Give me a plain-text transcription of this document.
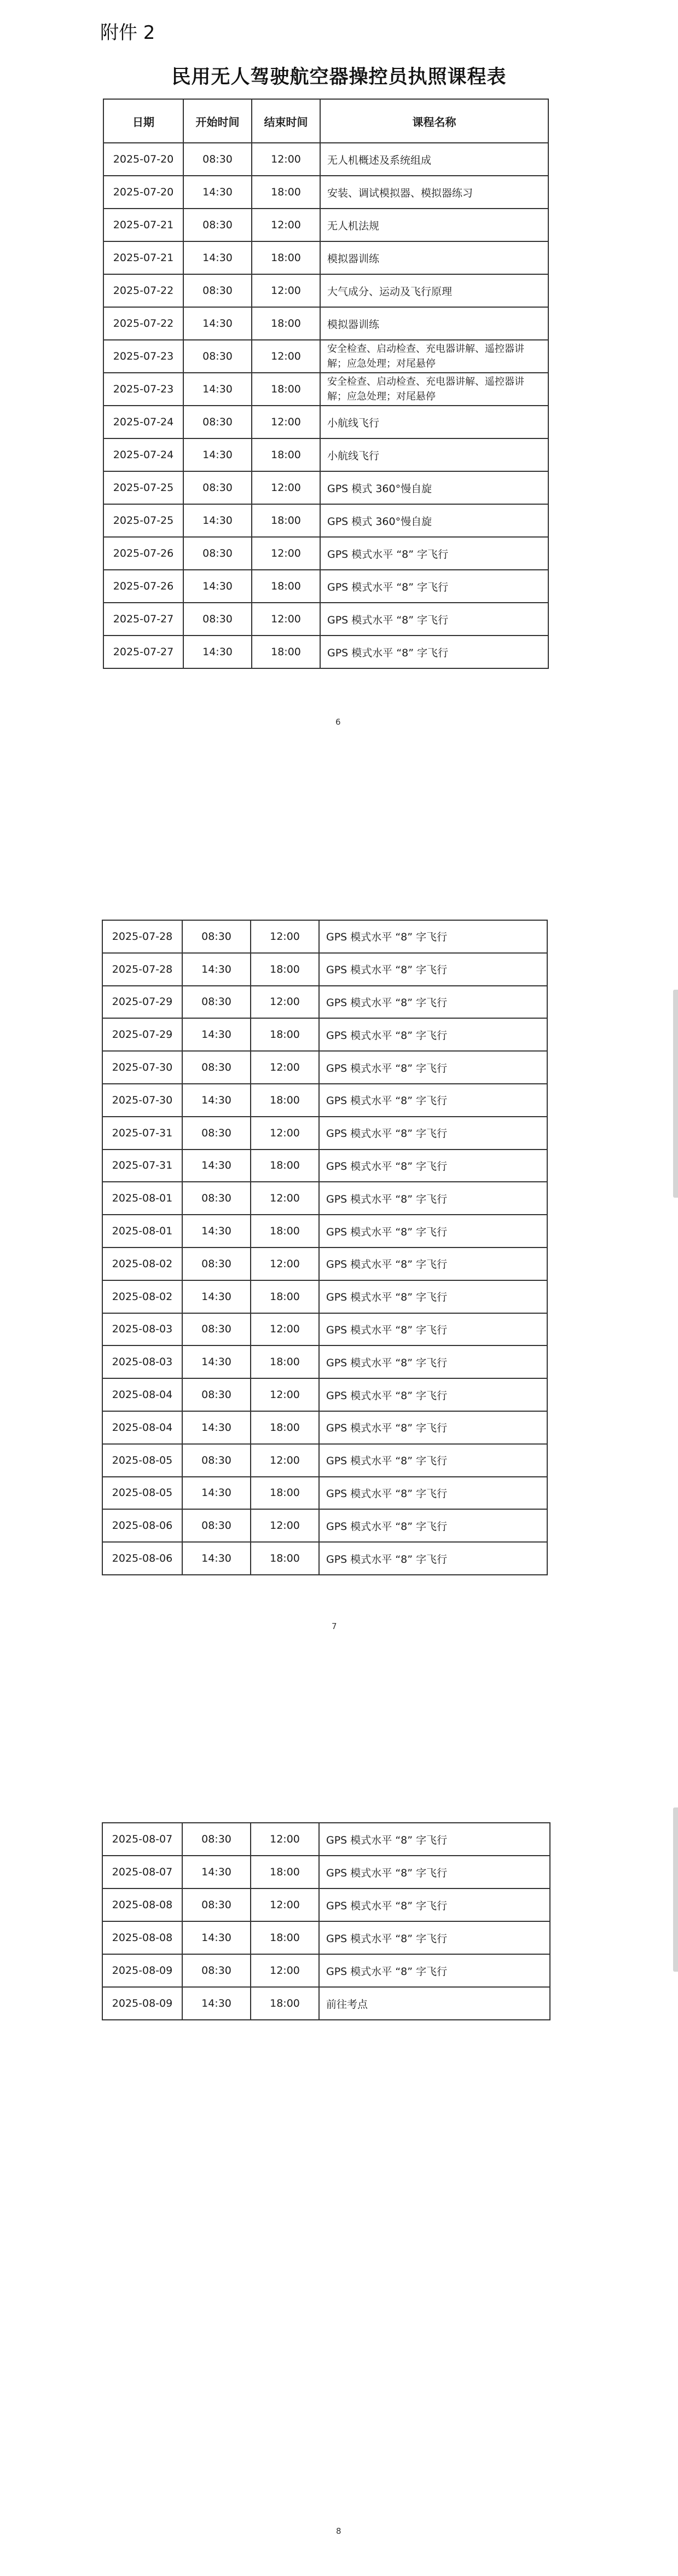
附件 2
民用无人驾驶航空器操控员执照课程表
日期	开始时间	结束时间	课程名称
2025-07-20	08:30	12:00	无人机概述及系统组成
2025-07-20	14:30	18:00	安装、调试模拟器、模拟器练习
2025-07-21	08:30	12:00	无人机法规
2025-07-21	14:30	18:00	模拟器训练
2025-07-22	08:30	12:00	大气成分、运动及飞行原理
2025-07-22	14:30	18:00	模拟器训练
2025-07-23	08:30	12:00	安全检查、启动检查、充电器讲解、遥控器讲解；应急处理；对尾悬停
2025-07-23	14:30	18:00	安全检查、启动检查、充电器讲解、遥控器讲解；应急处理；对尾悬停
2025-07-24	08:30	12:00	小航线飞行
2025-07-24	14:30	18:00	小航线飞行
2025-07-25	08:30	12:00	GPS 模式 360°慢自旋
2025-07-25	14:30	18:00	GPS 模式 360°慢自旋
2025-07-26	08:30	12:00	GPS 模式水平 “8” 字飞行
2025-07-26	14:30	18:00	GPS 模式水平 “8” 字飞行
2025-07-27	08:30	12:00	GPS 模式水平 “8” 字飞行
2025-07-27	14:30	18:00	GPS 模式水平 “8” 字飞行
6
2025-07-28	08:30	12:00	GPS 模式水平 “8” 字飞行
2025-07-28	14:30	18:00	GPS 模式水平 “8” 字飞行
2025-07-29	08:30	12:00	GPS 模式水平 “8” 字飞行
2025-07-29	14:30	18:00	GPS 模式水平 “8” 字飞行
2025-07-30	08:30	12:00	GPS 模式水平 “8” 字飞行
2025-07-30	14:30	18:00	GPS 模式水平 “8” 字飞行
2025-07-31	08:30	12:00	GPS 模式水平 “8” 字飞行
2025-07-31	14:30	18:00	GPS 模式水平 “8” 字飞行
2025-08-01	08:30	12:00	GPS 模式水平 “8” 字飞行
2025-08-01	14:30	18:00	GPS 模式水平 “8” 字飞行
2025-08-02	08:30	12:00	GPS 模式水平 “8” 字飞行
2025-08-02	14:30	18:00	GPS 模式水平 “8” 字飞行
2025-08-03	08:30	12:00	GPS 模式水平 “8” 字飞行
2025-08-03	14:30	18:00	GPS 模式水平 “8” 字飞行
2025-08-04	08:30	12:00	GPS 模式水平 “8” 字飞行
2025-08-04	14:30	18:00	GPS 模式水平 “8” 字飞行
2025-08-05	08:30	12:00	GPS 模式水平 “8” 字飞行
2025-08-05	14:30	18:00	GPS 模式水平 “8” 字飞行
2025-08-06	08:30	12:00	GPS 模式水平 “8” 字飞行
2025-08-06	14:30	18:00	GPS 模式水平 “8” 字飞行
7
2025-08-07	08:30	12:00	GPS 模式水平 “8” 字飞行
2025-08-07	14:30	18:00	GPS 模式水平 “8” 字飞行
2025-08-08	08:30	12:00	GPS 模式水平 “8” 字飞行
2025-08-08	14:30	18:00	GPS 模式水平 “8” 字飞行
2025-08-09	08:30	12:00	GPS 模式水平 “8” 字飞行
2025-08-09	14:30	18:00	前往考点
8
